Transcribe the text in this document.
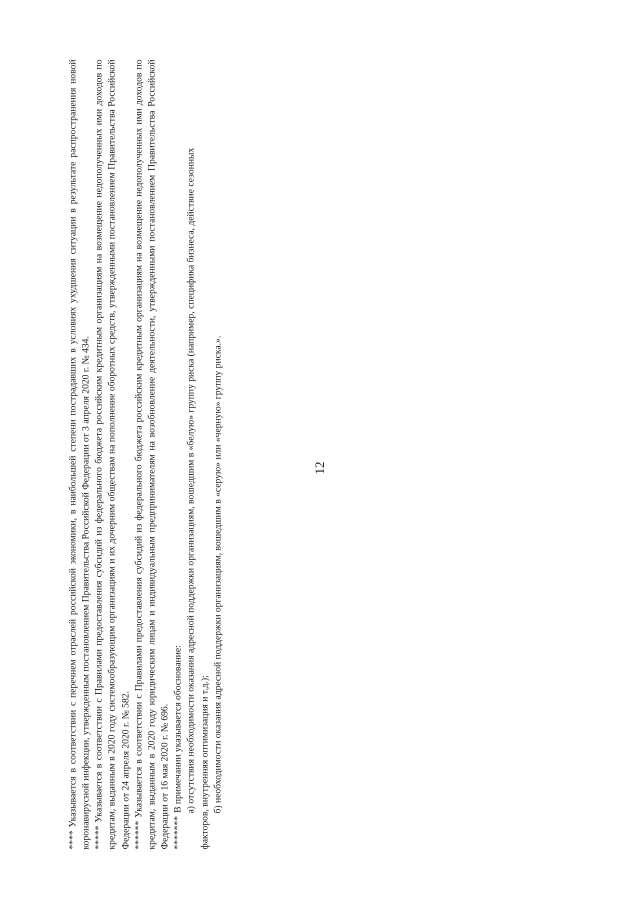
12

****Указывается в соответствии с перечнем отраслей российской экономики, в наибольшей степени пострадавших в условиях ухудшения ситуации в результате распространения новой коронавирусной инфекции, утвержденным постановлением Правительства Российской Федерации от 3 апреля 2020 г. № 434. *****Указывается в соответствии с Правилами предоставления субсидий из федерального бюджета российским кредитным организациям на возмещение недополученных ими доходов по кредитам, выданным в 2020 году системообразующим организациям и их дочерним обществам на пополнение оборотных средств, утвержденными постановлением Правительства Российской Федерации от 24 апреля 2020 г. № 582. ******Указывается в соответствии с Правилами предоставления субсидий из федерального бюджета российским кредитным организациям на возмещение недополученных ими доходов по кредитам, выданным в 2020 году юридическим лицам и индивидуальным предпринимателям на возобновление деятельности, утвержденными постановлением Правительства Российской Федерации от 16 мая 2020 г. № 696. *******В примечании указывается обоснование: а) отсутствия необходимости оказания адресной поддержки организациям, вошедшим в «белую» группу риска (например, специфика бизнеса, действие сезонных факторов, внутренняя оптимизация и т.д.); б) необходимости оказания адресной поддержки организациям, вошедшим в «серую» или «черную» группу риска.».
